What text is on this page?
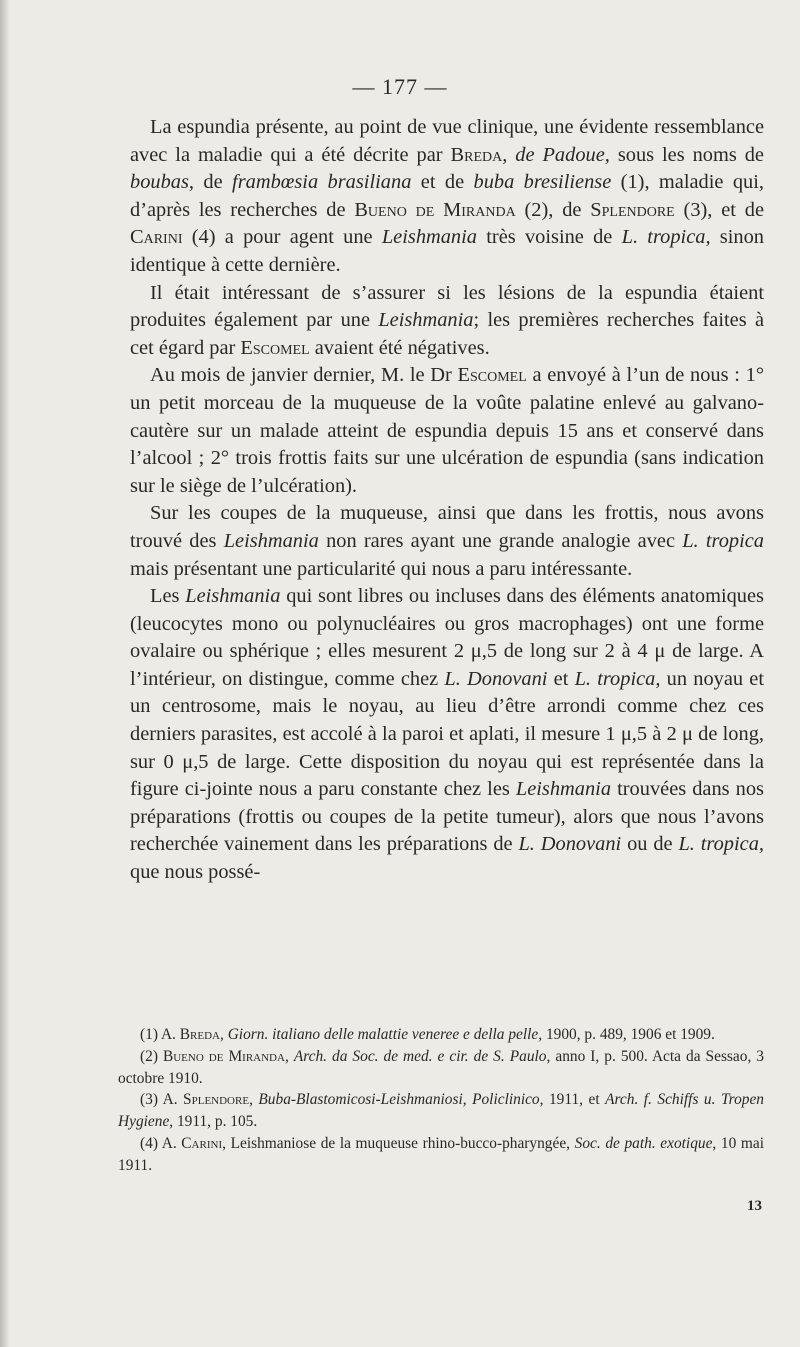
— 177 —

La espundia présente, au point de vue clinique, une évidente ressemblance avec la maladie qui a été décrite par Breda, de Padoue, sous les noms de boubas, de frambœsia brasiliana et de buba bresiliense (1), maladie qui, d’après les recherches de Bueno de Miranda (2), de Splendore (3), et de Carini (4) a pour agent une Leishmania très voisine de L. tropica, sinon identique à cette dernière.

Il était intéressant de s’assurer si les lésions de la espundia étaient produites également par une Leishmania; les premières recherches faites à cet égard par Escomel avaient été négatives.

Au mois de janvier dernier, M. le Dr Escomel a envoyé à l’un de nous : 1° un petit morceau de la muqueuse de la voûte palatine enlevé au galvano-cautère sur un malade atteint de espundia depuis 15 ans et conservé dans l’alcool ; 2° trois frottis faits sur une ulcération de espundia (sans indication sur le siège de l’ulcération).

Sur les coupes de la muqueuse, ainsi que dans les frottis, nous avons trouvé des Leishmania non rares ayant une grande analogie avec L. tropica mais présentant une particularité qui nous a paru intéressante.

Les Leishmania qui sont libres ou incluses dans des éléments anatomiques (leucocytes mono ou polynucléaires ou gros macrophages) ont une forme ovalaire ou sphérique ; elles mesurent 2 μ,5 de long sur 2 à 4 μ de large. A l’intérieur, on distingue, comme chez L. Donovani et L. tropica, un noyau et un centrosome, mais le noyau, au lieu d’être arrondi comme chez ces derniers parasites, est accolé à la paroi et aplati, il mesure 1 μ,5 à 2 μ de long, sur 0 μ,5 de large. Cette disposition du noyau qui est représentée dans la figure ci-jointe nous a paru constante chez les Leishmania trouvées dans nos préparations (frottis ou coupes de la petite tumeur), alors que nous l’avons recherchée vainement dans les préparations de L. Donovani ou de L. tropica, que nous possé-

(1) A. Breda, Giorn. italiano delle malattie veneree e della pelle, 1900, p. 489, 1906 et 1909.

(2) Bueno de Miranda, Arch. da Soc. de med. e cir. de S. Paulo, anno I, p. 500. Acta da Sessao, 3 octobre 1910.

(3) A. Splendore, Buba-Blastomicosi-Leishmaniosi, Policlinico, 1911, et Arch. f. Schiffs u. Tropen Hygiene, 1911, p. 105.

(4) A. Carini, Leishmaniose de la muqueuse rhino-bucco-pharyngée, Soc. de path. exotique, 10 mai 1911.

13
